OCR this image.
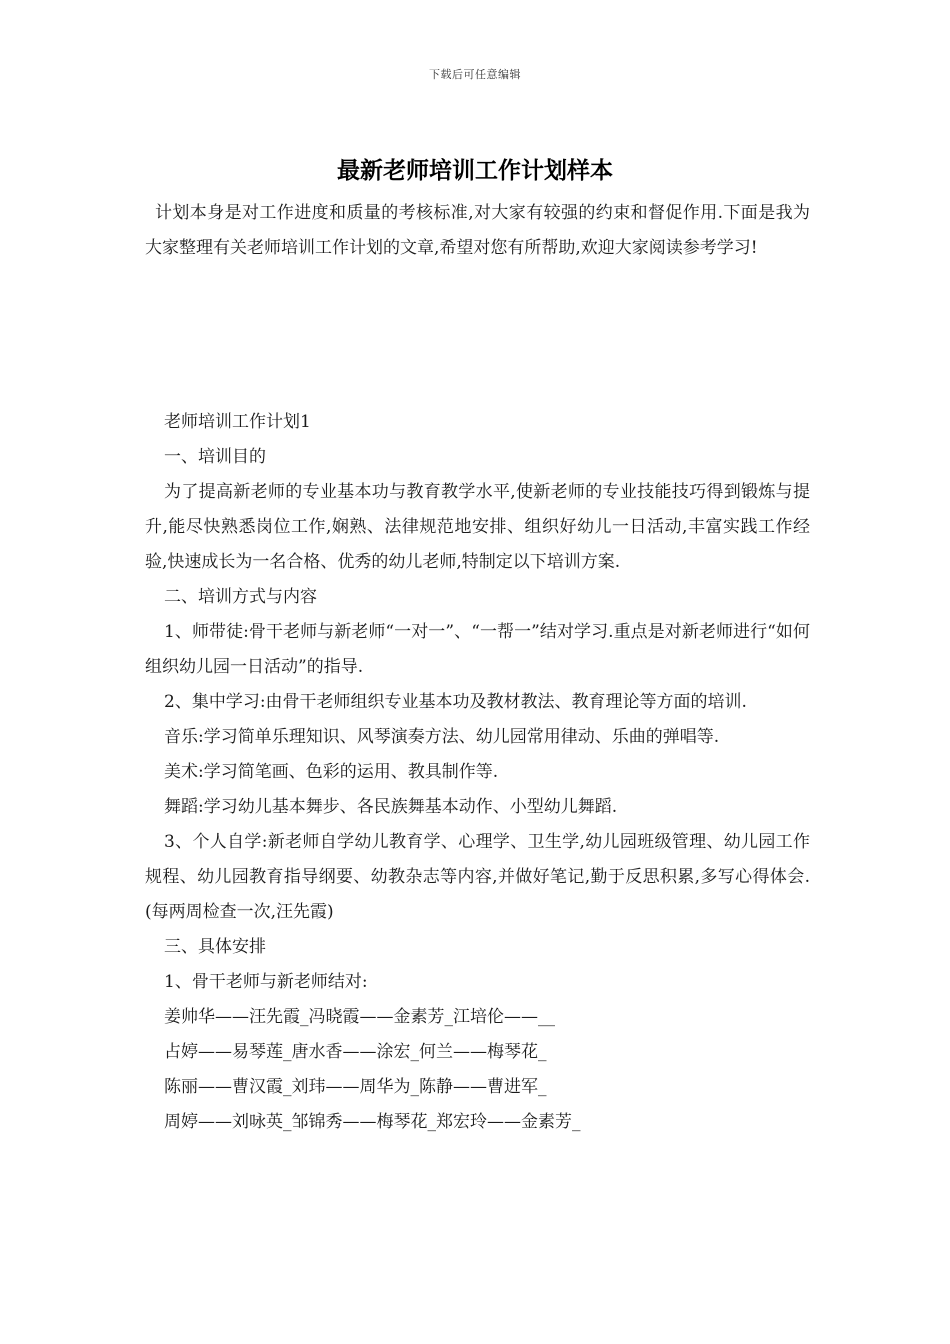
下载后可任意编辑
最新老师培训工作计划样本
计划本身是对工作进度和质量的考核标准,对大家有较强的约束和督促作用.下面是我为大家整理有关老师培训工作计划的文章,希望对您有所帮助,欢迎大家阅读参考学习!
老师培训工作计划1
一、培训目的
为了提高新老师的专业基本功与教育教学水平,使新老师的专业技能技巧得到锻炼与提升,能尽快熟悉岗位工作,娴熟、法律规范地安排、组织好幼儿一日活动,丰富实践工作经验,快速成长为一名合格、优秀的幼儿老师,特制定以下培训方案.
二、培训方式与内容
1、师带徒:骨干老师与新老师“一对一”、“一帮一”结对学习.重点是对新老师进行“如何组织幼儿园一日活动”的指导.
2、集中学习:由骨干老师组织专业基本功及教材教法、教育理论等方面的培训.
音乐:学习简单乐理知识、风琴演奏方法、幼儿园常用律动、乐曲的弹唱等.
美术:学习简笔画、色彩的运用、教具制作等.
舞蹈:学习幼儿基本舞步、各民族舞基本动作、小型幼儿舞蹈.
3、个人自学:新老师自学幼儿教育学、心理学、卫生学,幼儿园班级管理、幼儿园工作规程、幼儿园教育指导纲要、幼教杂志等内容,并做好笔记,勤于反思积累,多写心得体会.(每两周检查一次,汪先霞)
三、具体安排
1、骨干老师与新老师结对:
姜帅华——汪先霞_冯晓霞——金素芳_江培伦——__
占婷——易琴莲_唐水香——涂宏_何兰——梅琴花_
陈丽——曹汉霞_刘玮——周华为_陈静——曹进军_
周婷——刘咏英_邹锦秀——梅琴花_郑宏玲——金素芳_
